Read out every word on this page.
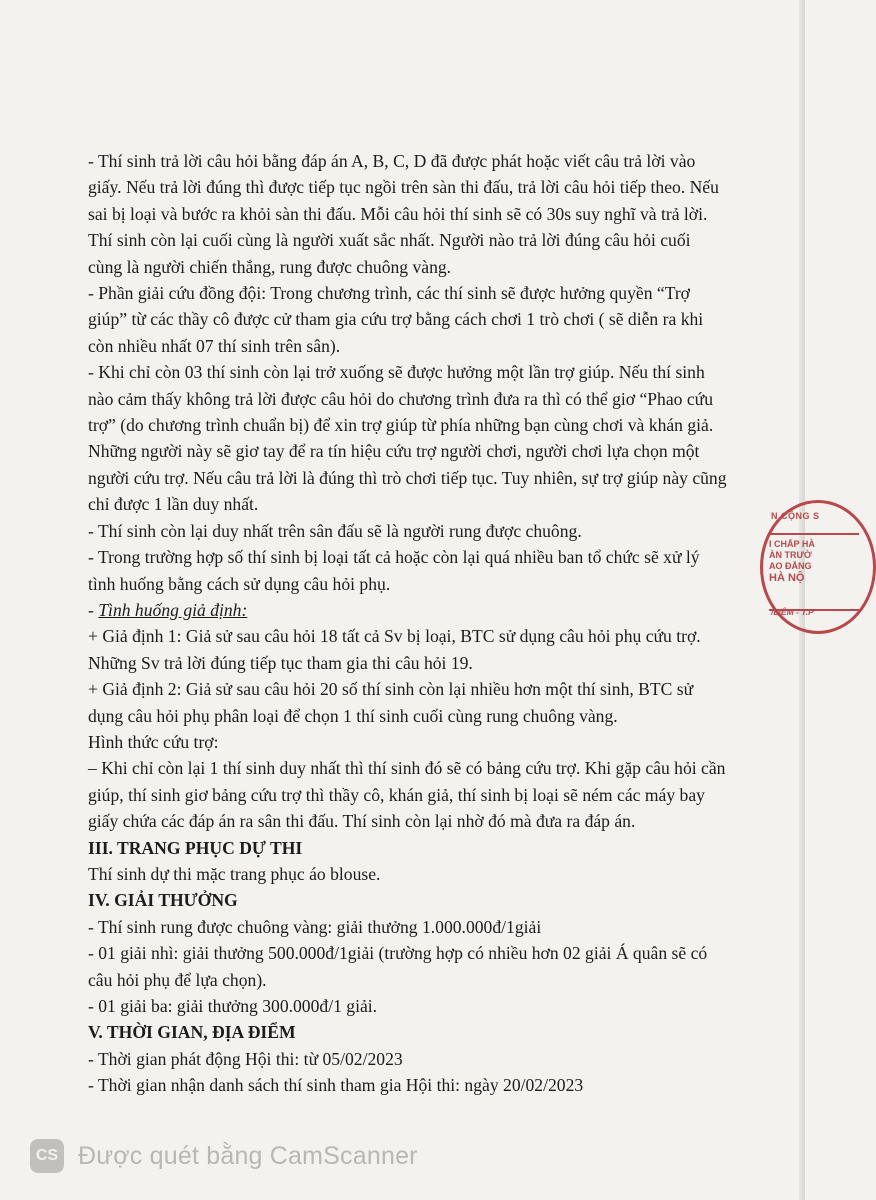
- Thí sinh trả lời câu hỏi bằng đáp án A, B, C, D đã được phát hoặc viết câu trả lời vào giấy. Nếu trả lời đúng thì được tiếp tục ngồi trên sàn thi đấu, trả lời câu hỏi tiếp theo. Nếu sai bị loại và bước ra khỏi sàn thi đấu. Mỗi câu hỏi thí sinh sẽ có 30s suy nghĩ và trả lời. Thí sinh còn lại cuối cùng là người xuất sắc nhất. Người nào trả lời đúng câu hỏi cuối cùng là người chiến thắng, rung được chuông vàng.

- Phần giải cứu đồng đội: Trong chương trình, các thí sinh sẽ được hưởng quyền “Trợ giúp” từ các thầy cô được cử tham gia cứu trợ bằng cách chơi 1 trò chơi ( sẽ diễn ra khi còn nhiều nhất 07 thí sinh trên sân).

- Khi chỉ còn 03 thí sinh còn lại trở xuống sẽ được hưởng một lần trợ giúp. Nếu thí sinh nào cảm thấy không trả lời được câu hỏi do chương trình đưa ra thì có thể giơ “Phao cứu trợ” (do chương trình chuẩn bị) để xin trợ giúp từ phía những bạn cùng chơi và khán giả. Những người này sẽ giơ tay để ra tín hiệu cứu trợ người chơi, người chơi lựa chọn một người cứu trợ. Nếu câu trả lời là đúng thì trò chơi tiếp tục. Tuy nhiên, sự trợ giúp này cũng chỉ được 1 lần duy nhất.

- Thí sinh còn lại duy nhất trên sân đấu sẽ là người rung được chuông.

- Trong trường hợp số thí sinh bị loại tất cả hoặc còn lại quá nhiều ban tổ chức sẽ xử lý tình huống bằng cách sử dụng câu hỏi phụ.

- Tình huống giả định:

+ Giả định 1: Giả sử sau câu hỏi 18 tất cả Sv bị loại, BTC sử dụng câu hỏi phụ cứu trợ. Những Sv trả lời đúng tiếp tục tham gia thi câu hỏi 19.

+ Giả định 2: Giả sử sau câu hỏi 20 số thí sinh còn lại nhiều hơn một thí sinh, BTC sử dụng câu hỏi phụ phân loại để chọn 1 thí sinh cuối cùng rung chuông vàng.

Hình thức cứu trợ:

– Khi chỉ còn lại 1 thí sinh duy nhất thì thí sinh đó sẽ có bảng cứu trợ. Khi gặp câu hỏi cần giúp, thí sinh giơ bảng cứu trợ thì thầy cô, khán giả, thí sinh bị loại sẽ ném các máy bay giấy chứa các đáp án ra sân thi đấu. Thí sinh còn lại nhờ đó mà đưa ra đáp án.

III. TRANG PHỤC DỰ THI

Thí sinh dự thi mặc trang phục áo blouse.

IV. GIẢI THƯỞNG

- Thí sinh rung được chuông vàng: giải thưởng 1.000.000đ/1giải

- 01 giải nhì: giải thưởng 500.000đ/1giải (trường hợp có nhiều hơn 02 giải Á quân sẽ có câu hỏi phụ để lựa chọn).

- 01 giải ba: giải thưởng 300.000đ/1 giải.

V. THỜI GIAN, ĐỊA ĐIỂM

- Thời gian phát động Hội thi: từ 05/02/2023

- Thời gian nhận danh sách thí sinh tham gia Hội thi: ngày 20/02/2023

N CỘNG S
I CHẤP HÀ
ÀN TRƯỜ
AO ĐẲNG
HÀ NỘ
/LIÊM - T.P
CS Được quét bằng CamScanner
